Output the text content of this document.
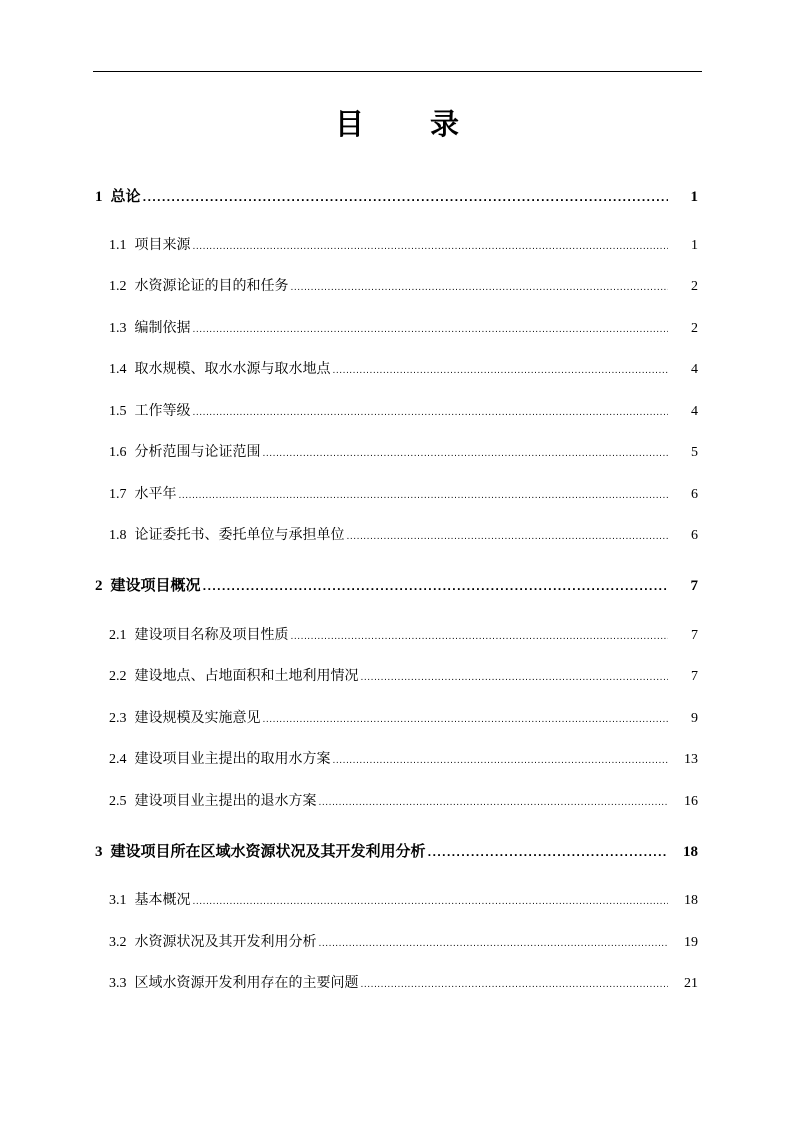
目 录
1 总论 .....	1
1.1 项目来源 .....	1
1.2 水资源论证的目的和任务 .....	2
1.3 编制依据 .....	2
1.4 取水规模、取水水源与取水地点 .....	4
1.5 工作等级 .....	4
1.6 分析范围与论证范围 .....	5
1.7 水平年 .....	6
1.8 论证委托书、委托单位与承担单位 .....	6
2 建设项目概况 .....	7
2.1 建设项目名称及项目性质 .....	7
2.2 建设地点、占地面积和土地利用情况 .....	7
2.3 建设规模及实施意见 .....	9
2.4 建设项目业主提出的取用水方案 .....	13
2.5 建设项目业主提出的退水方案 .....	16
3 建设项目所在区域水资源状况及其开发利用分析 .....	18
3.1 基本概况 .....	18
3.2 水资源状况及其开发利用分析 .....	19
3.3 区域水资源开发利用存在的主要问题 .....	21
